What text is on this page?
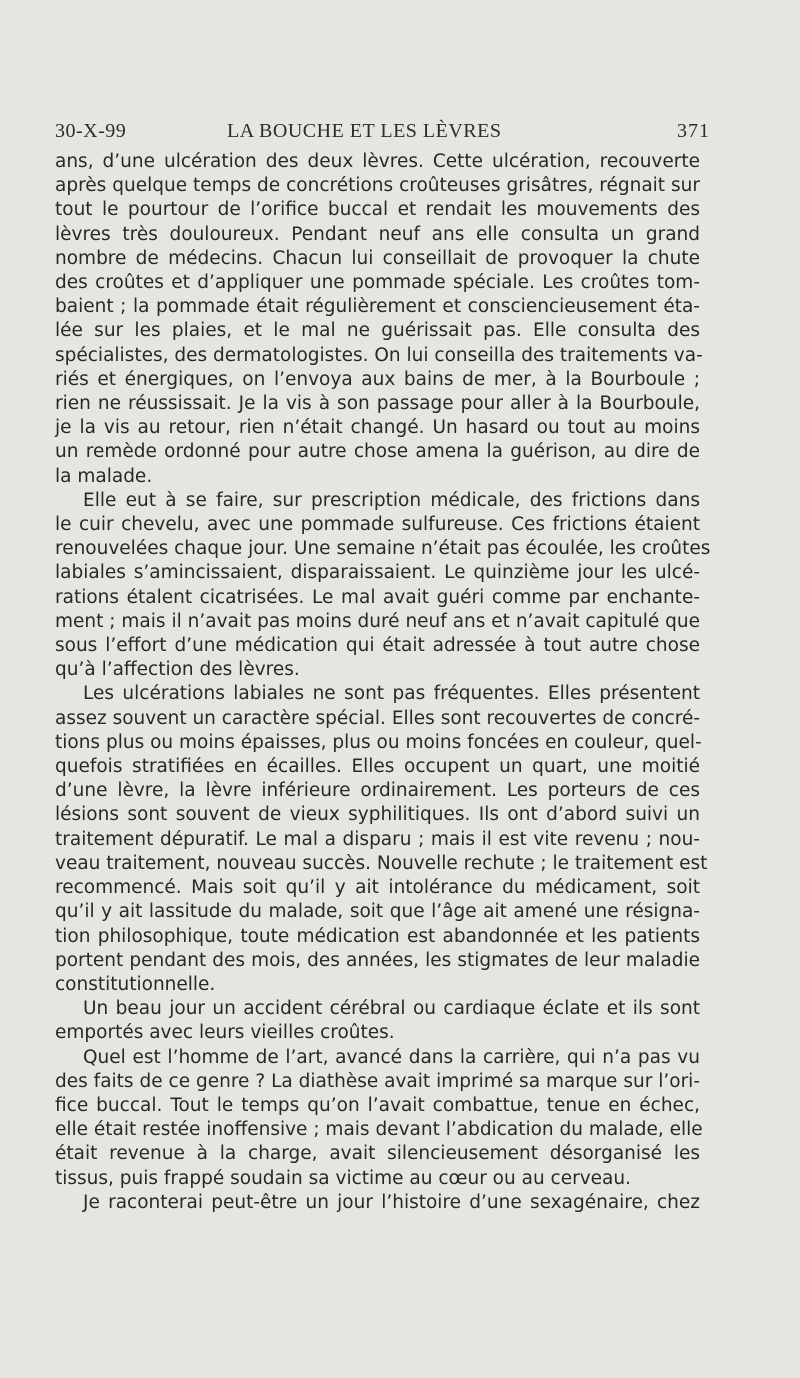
30-X-99	LA BOUCHE ET LES LÈVRES	371
ans, d’une ulcération des deux lèvres. Cette ulcération, recouverte
après quelque temps de concrétions croûteuses grisâtres, régnait sur
tout le pourtour de l’orifice buccal et rendait les mouvements des
lèvres très douloureux. Pendant neuf ans elle consulta un grand
nombre de médecins. Chacun lui conseillait de provoquer la chute
des croûtes et d’appliquer une pommade spéciale. Les croûtes tom-
baient ; la pommade était régulièrement et consciencieusement éta-
lée sur les plaies, et le mal ne guérissait pas. Elle consulta des
spécialistes, des dermatologistes. On lui conseilla des traitements va-
riés et énergiques, on l’envoya aux bains de mer, à la Bourboule ;
rien ne réussissait. Je la vis à son passage pour aller à la Bourboule,
je la vis au retour, rien n’était changé. Un hasard ou tout au moins
un remède ordonné pour autre chose amena la guérison, au dire de
la malade.
Elle eut à se faire, sur prescription médicale, des frictions dans
le cuir chevelu, avec une pommade sulfureuse. Ces frictions étaient
renouvelées chaque jour. Une semaine n’était pas écoulée, les croûtes
labiales s’amincissaient, disparaissaient. Le quinzième jour les ulcé-
rations étalent cicatrisées. Le mal avait guéri comme par enchante-
ment ; mais il n’avait pas moins duré neuf ans et n’avait capitulé que
sous l’effort d’une médication qui était adressée à tout autre chose
qu’à l’affection des lèvres.
Les ulcérations labiales ne sont pas fréquentes. Elles présentent
assez souvent un caractère spécial. Elles sont recouvertes de concré-
tions plus ou moins épaisses, plus ou moins foncées en couleur, quel-
quefois stratifiées en écailles. Elles occupent un quart, une moitié
d’une lèvre, la lèvre inférieure ordinairement. Les porteurs de ces
lésions sont souvent de vieux syphilitiques. Ils ont d’abord suivi un
traitement dépuratif. Le mal a disparu ; mais il est vite revenu ; nou-
veau traitement, nouveau succès. Nouvelle rechute ; le traitement est
recommencé. Mais soit qu’il y ait intolérance du médicament, soit
qu’il y ait lassitude du malade, soit que l’âge ait amené une résigna-
tion philosophique, toute médication est abandonnée et les patients
portent pendant des mois, des années, les stigmates de leur maladie
constitutionnelle.
Un beau jour un accident cérébral ou cardiaque éclate et ils sont
emportés avec leurs vieilles croûtes.
Quel est l’homme de l’art, avancé dans la carrière, qui n’a pas vu
des faits de ce genre ? La diathèse avait imprimé sa marque sur l’ori-
fice buccal. Tout le temps qu’on l’avait combattue, tenue en échec,
elle était restée inoffensive ; mais devant l’abdication du malade, elle
était revenue à la charge, avait silencieusement désorganisé les
tissus, puis frappé soudain sa victime au cœur ou au cerveau.
Je raconterai peut-être un jour l’histoire d’une sexagénaire, chez
